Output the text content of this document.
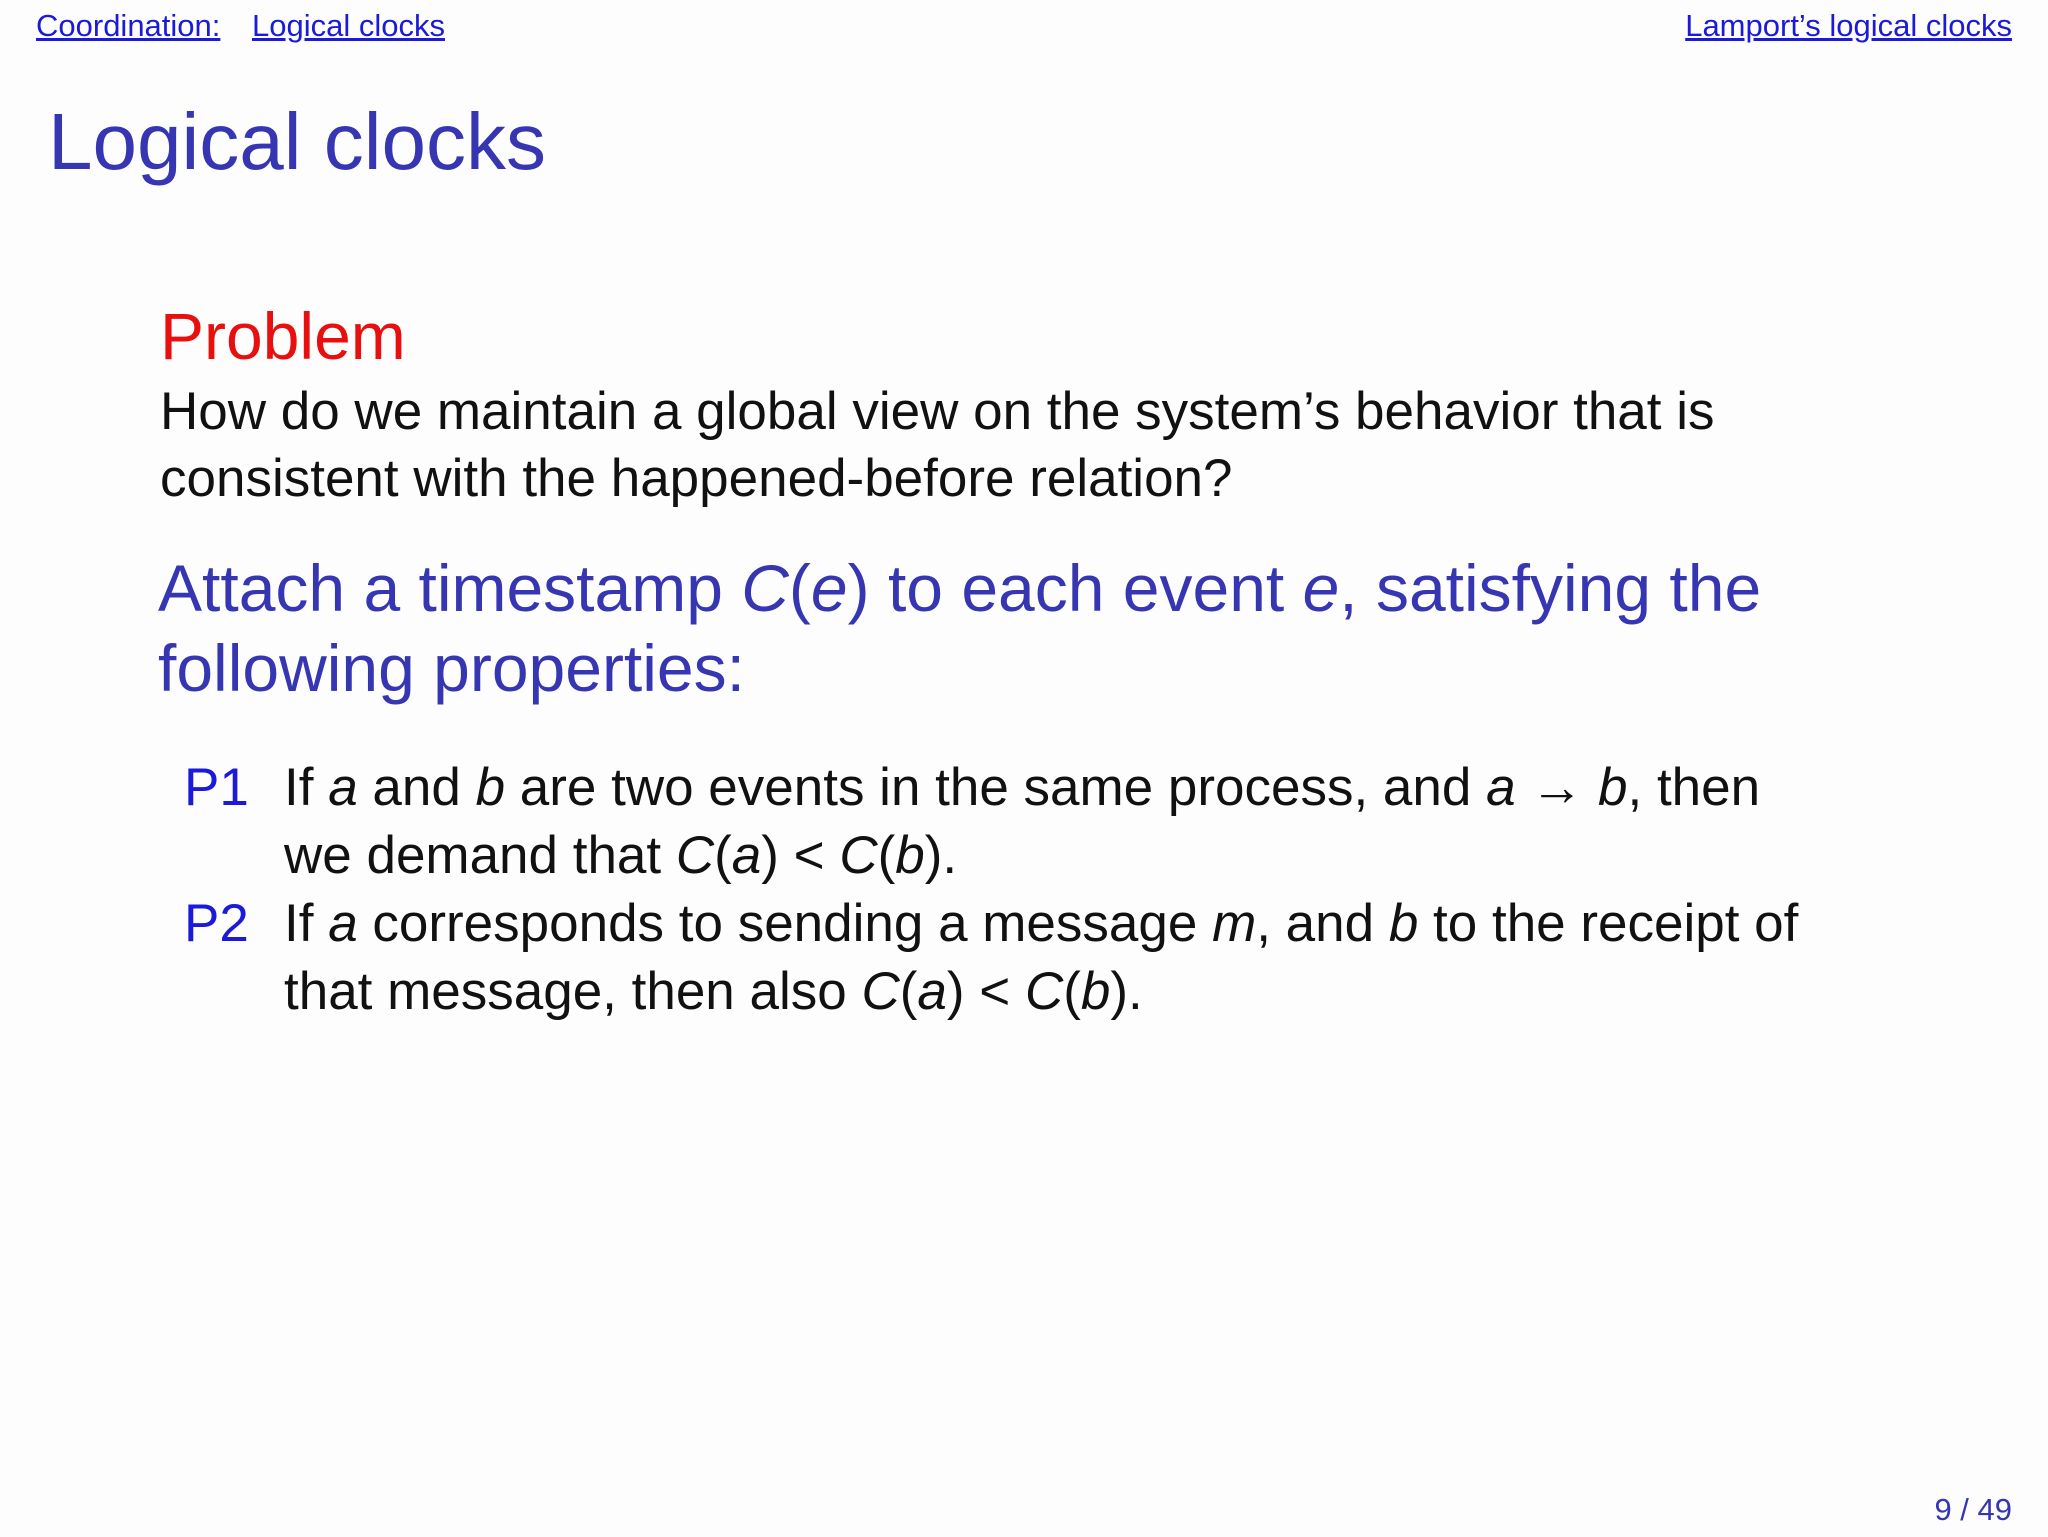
Coordination: Logical clocks	Lamport’s logical clocks
Logical clocks
Problem
How do we maintain a global view on the system’s behavior that is
consistent with the happened-before relation?
Attach a timestamp C(e) to each event e, satisfying the
following properties:
P1 If a and b are two events in the same process, and a → b, then
we demand that C(a) < C(b).
P2 If a corresponds to sending a message m, and b to the receipt of
that message, then also C(a) < C(b).
9 / 49
